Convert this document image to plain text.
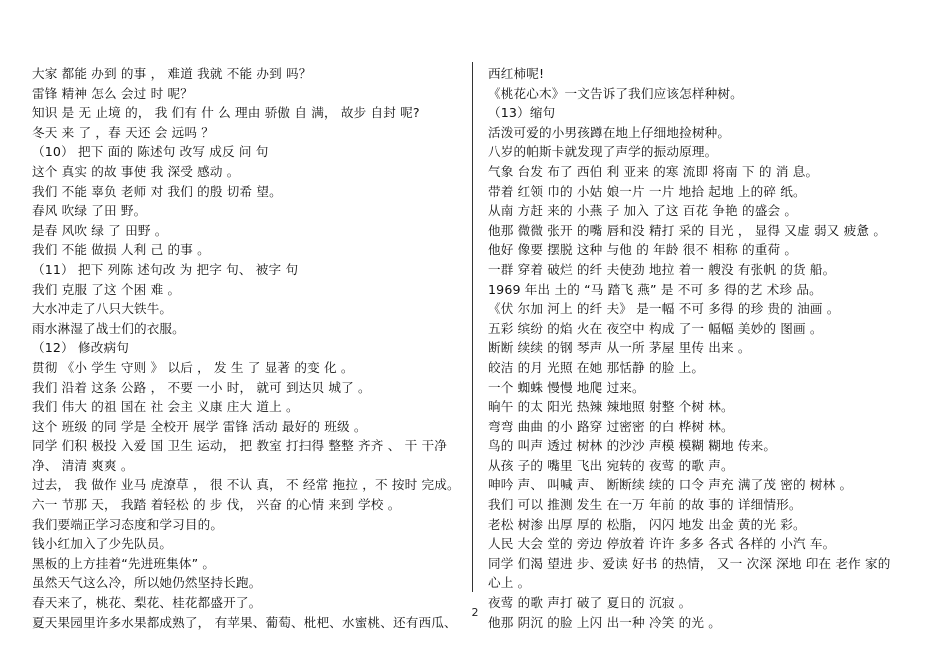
大家 都能 办到 的事 ， 难道 我就 不能 办到 吗？
雷锋 精神 怎么 会过 时 呢？
知识 是 无 止境 的， 我 们有 什 么 理由 骄傲 自 满， 故步 自封 呢?
冬天 来 了 ，春 天还 会 远吗 ？
（10） 把下 面的 陈述句 改写 成反 问 句
这个 真实 的故 事使 我 深受 感动 。
我们 不能 辜负 老师 对 我们 的殷 切希 望。
春风 吹绿 了田 野。
是春 风吹 绿 了 田野 。
我们 不能 做损 人利 己 的事 。
（11） 把下 列陈 述句改 为 把字 句、 被字 句
我们 克服 了这 个困 难 。
大水冲走了八只大铁牛。
雨水淋湿了战士们的衣服。
（12） 修改病句
贯彻 《小 学生 守则 》 以后 ， 发 生 了 显著 的变 化 。
我们 沿着 这条 公路 ， 不要 一小 时， 就可 到达贝 城了 。
我们 伟大 的祖 国在 社 会主 义康 庄大 道上 。
这个 班级 的同 学是 全校开 展学 雷锋 活动 最好的 班级 。
同学 们积 极投 入爱 国 卫生 运动， 把 教室 打扫得 整整 齐齐 、 干 干净
净、 清清 爽爽 。
过去， 我 做作 业马 虎潦草 ， 很 不认 真， 不 经常 拖拉 ，不 按时 完成。
六一 节那 天， 我踏 着轻松 的 步 伐， 兴奋 的心情 来到 学校 。
我们要端正学习态度和学习目的。
钱小红加入了少先队员。
黑板的上方挂着“先进班集体” 。
虽然天气这么冷，所以她仍然坚持长跑。
春天来了，桃花、梨花、桂花都盛开了。
夏天果园里许多水果都成熟了， 有苹果、葡萄、枇杷、水蜜桃、还有西瓜、
西红柿呢!
《桃花心木》一文告诉了我们应该怎样种树。
（13）缩句
活泼可爱的小男孩蹲在地上仔细地捡树种。
八岁的帕斯卡就发现了声学的振动原理。
气象 台发 布了 西伯 利 亚来 的寒 流即 将南 下 的 消 息。
带着 红领 巾的 小姑 娘一片 一片 地拾 起地 上的碎 纸。
从南 方赶 来的 小燕 子 加入 了这 百花 争艳 的盛会 。
他那 微微 张开 的嘴 唇和没 精打 采的 目光 ， 显得 又虚 弱又 疲惫 。
他好 像要 摆脱 这种 与他 的 年龄 很不 相称 的重荷 。
一群 穿着 破烂 的纤 夫使劲 地拉 着一 艘没 有张帆 的货 船。
1969 年出 土的 “马 踏飞 燕” 是 不可 多 得的艺 术珍 品。
《伏 尔加 河上 的纤 夫》 是一幅 不可 多得 的珍 贵的 油画 。
五彩 缤纷 的焰 火在 夜空中 构成 了一 幅幅 美妙的 图画 。
断断 续续 的钢 琴声 从一所 茅屋 里传 出来 。
皎洁 的月 光照 在她 那恬静 的脸 上。
一个 蜘蛛 慢慢 地爬 过来。
晌午 的太 阳光 热辣 辣地照 射整 个树 林。
弯弯 曲曲 的小 路穿 过密密 的白 桦树 林。
鸟的 叫声 透过 树林 的沙沙 声模 模糊 糊地 传来。
从孩 子的 嘴里 飞出 宛转的 夜莺 的歌 声。
呻吟 声、 叫喊 声、 断断续 续的 口令 声充 满了茂 密的 树林 。
我们 可以 推测 发生 在一万 年前 的故 事的 详细情形。
老松 树渗 出厚 厚的 松脂， 闪闪 地发 出金 黄的光 彩。
人民 大会 堂的 旁边 停放着 许许 多多 各式 各样的 小汽 车。
同学 们渴 望进 步、爱读 好书 的热情， 又一 次深 深地 印在 老作 家的
心上 。
夜莺 的歌 声打 破了 夏日的 沉寂 。
他那 阴沉 的脸 上闪 出一种 冷笑 的光 。
2
